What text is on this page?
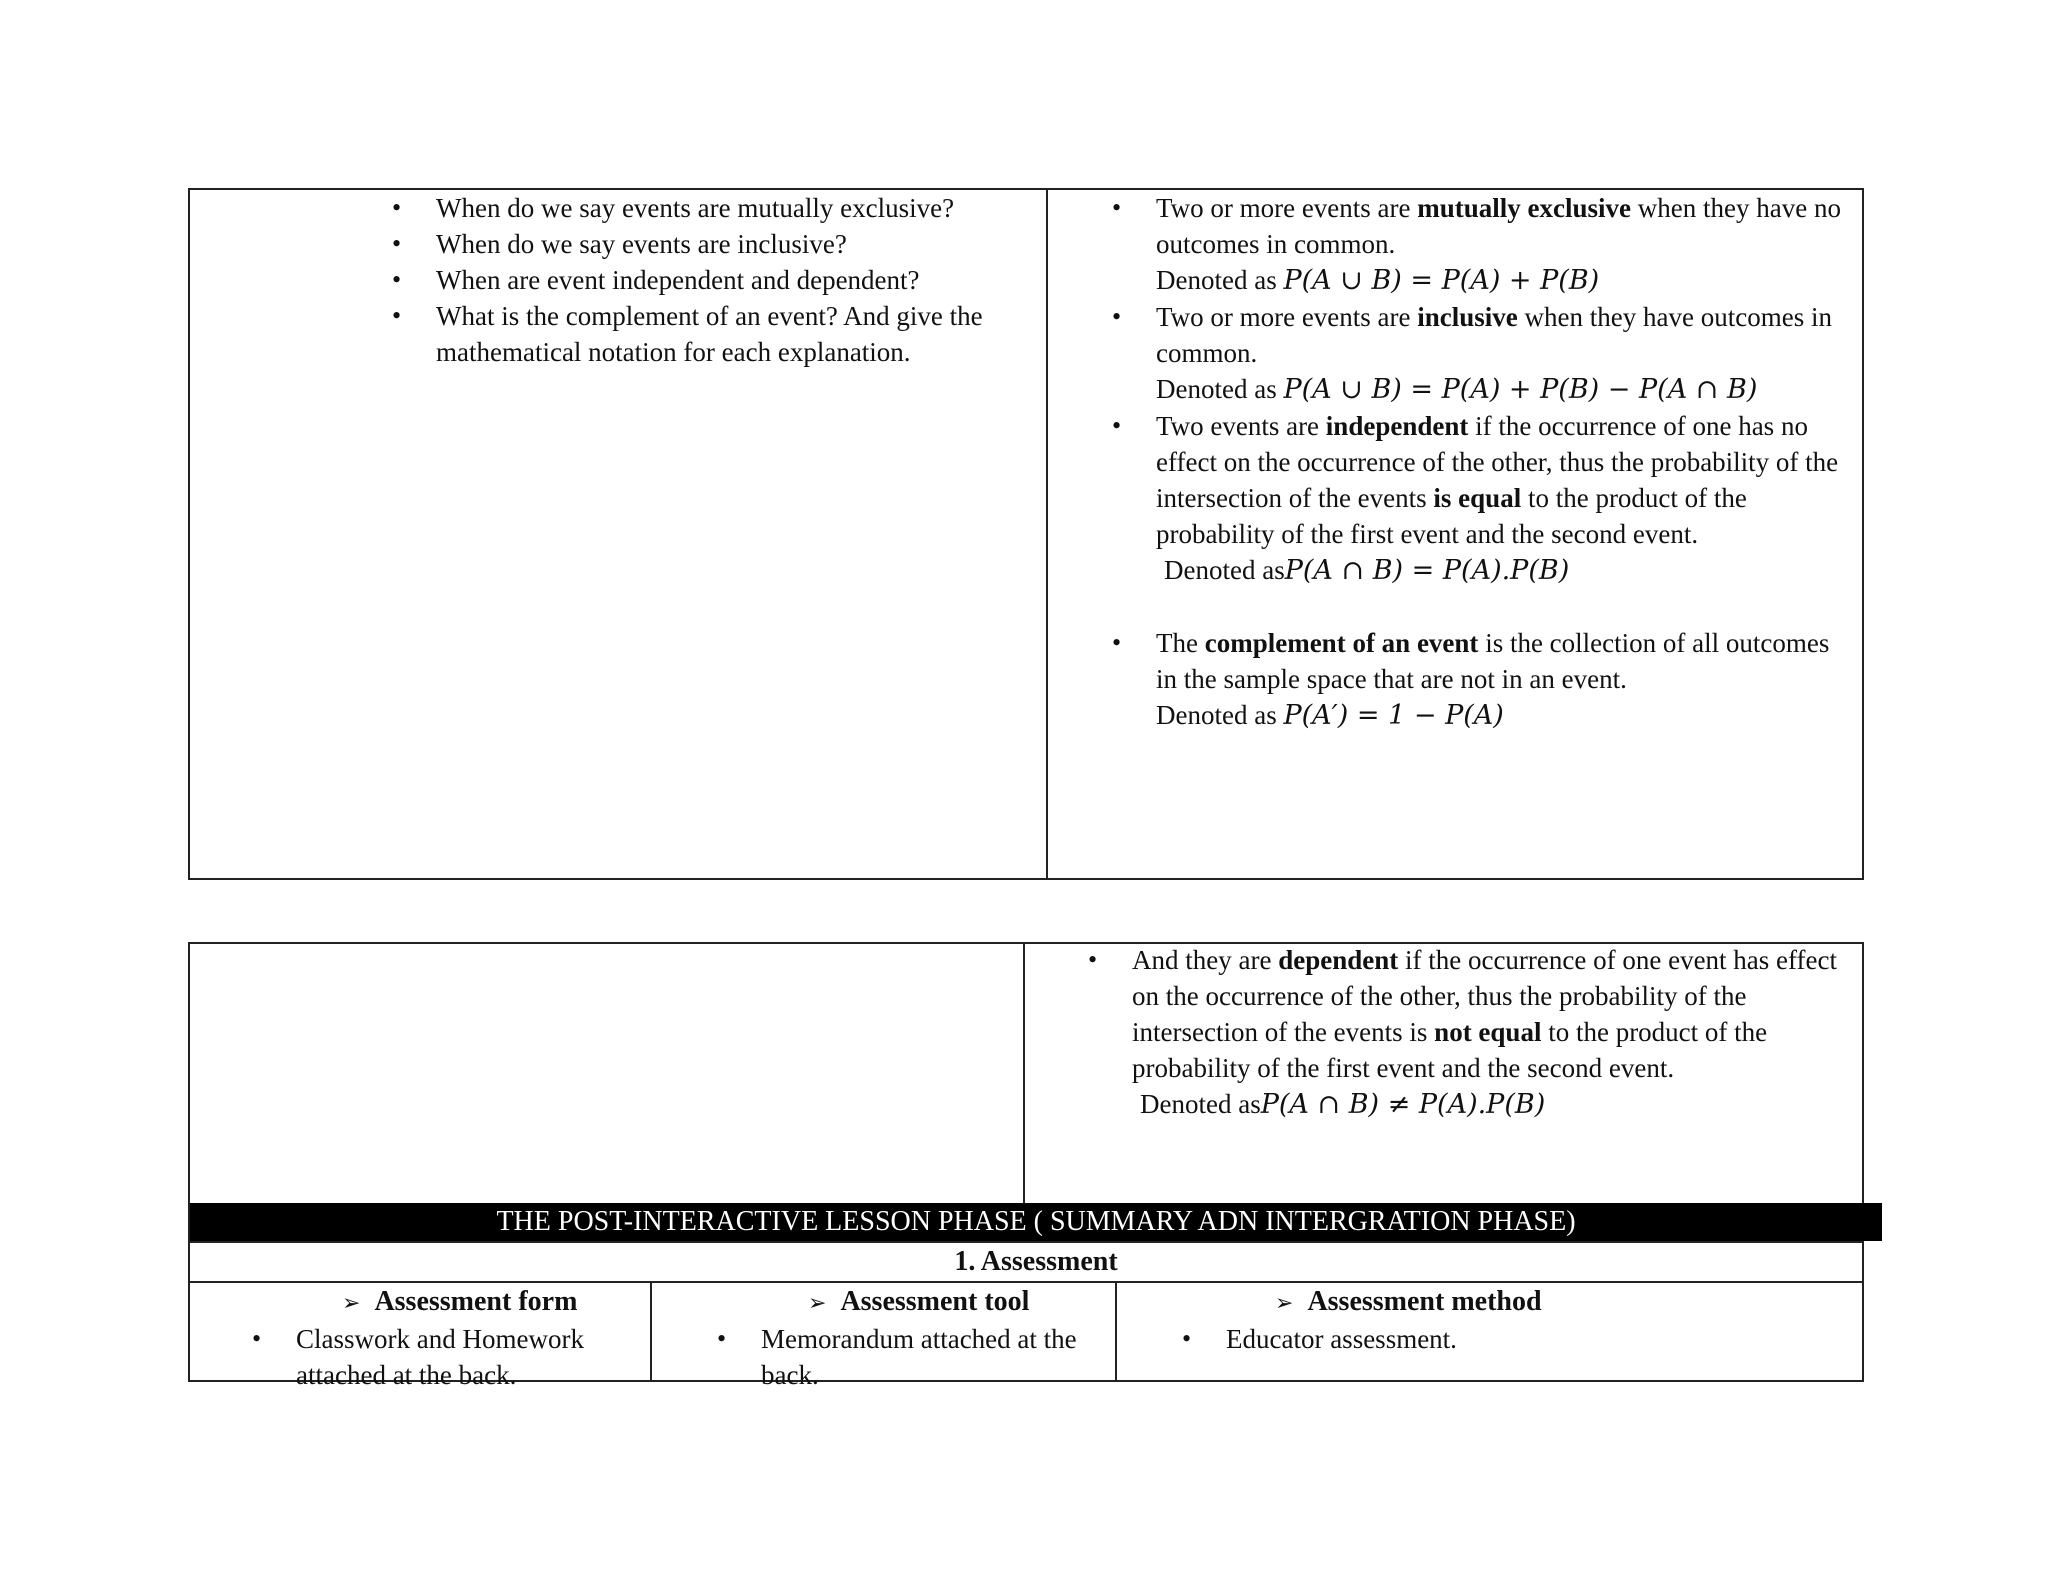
• When do we say events are mutually exclusive?
• When do we say events are inclusive?
• When are event independent and dependent?
• What is the complement of an event? And give the mathematical notation for each explanation.
• Two or more events are mutually exclusive when they have no outcomes in common.
Denoted as P(A ∪ B) = P(A) + P(B)
• Two or more events are inclusive when they have outcomes in common.
Denoted as P(A ∪ B) = P(A) + P(B) − P(A ∩ B)
• Two events are independent if the occurrence of one has no effect on the occurrence of the other, thus the probability of the intersection of the events is equal to the product of the probability of the first event and the second event.
Denoted asP(A ∩ B) = P(A).P(B)
• The complement of an event is the collection of all outcomes in the sample space that are not in an event.
Denoted as P(A′) = 1 − P(A)
• And they are dependent if the occurrence of one event has effect on the occurrence of the other, thus the probability of the intersection of the events is not equal to the product of the probability of the first event and the second event.
Denoted asP(A ∩ B) ≠ P(A).P(B)
THE POST-INTERACTIVE LESSON PHASE ( SUMMARY ADN INTERGRATION PHASE)
1. Assessment
➢ Assessment form	➢ Assessment tool	➢ Assessment method
• Classwork and Homework attached at the back.
• Memorandum attached at the back.
• Educator assessment.
